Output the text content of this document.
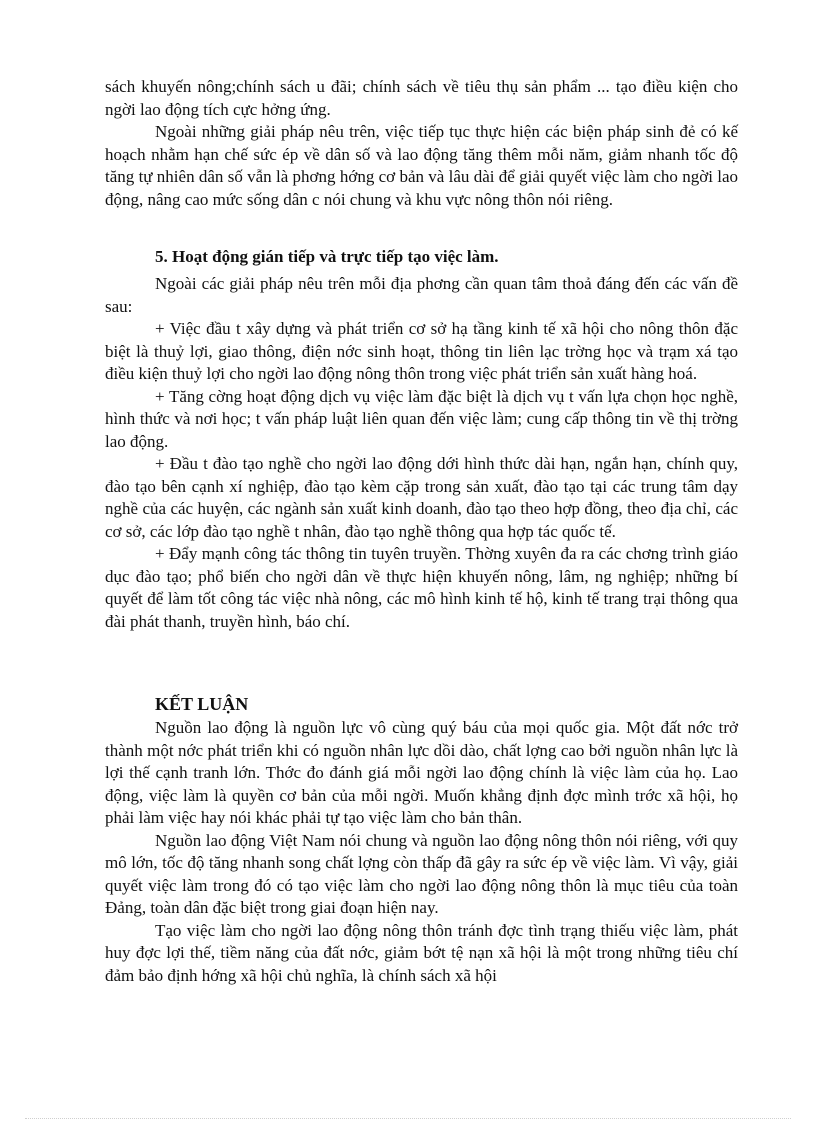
sách khuyến nông;chính sách u đãi; chính sách về tiêu thụ sản phẩm ... tạo điều kiện cho ngời lao động tích cực hởng ứng.

Ngoài những giải pháp nêu trên, việc tiếp tục thực hiện các biện pháp sinh đẻ có kế hoạch nhằm hạn chế sức ép về dân số và lao động tăng thêm mỗi năm, giảm nhanh tốc độ tăng tự nhiên dân số vẫn là phơng hớng cơ bản và lâu dài để giải quyết việc làm cho ngời lao động, nâng cao mức sống dân c nói chung và khu vực nông thôn nói riêng.

5. Hoạt động gián tiếp và trực tiếp tạo việc làm.

Ngoài các giải pháp nêu trên mỗi địa phơng cần quan tâm thoả đáng đến các vấn đề sau:

+ Việc đầu t xây dựng và phát triển cơ sở hạ tầng kinh tế xã hội cho nông thôn đặc biệt là thuỷ lợi, giao thông, điện nớc sinh hoạt, thông tin liên lạc trờng học và trạm xá tạo điều kiện thuỷ lợi cho ngời lao động nông thôn trong việc phát triển sản xuất hàng hoá.

+ Tăng cờng hoạt động dịch vụ việc làm đặc biệt là dịch vụ t vấn lựa chọn học nghề, hình thức và nơi học; t vấn pháp luật liên quan đến việc làm; cung cấp thông tin về thị trờng lao động.

+ Đầu t đào tạo nghề cho ngời lao động dới hình thức dài hạn, ngắn hạn, chính quy, đào tạo bên cạnh xí nghiệp, đào tạo kèm cặp trong sản xuất, đào tạo tại các trung tâm dạy nghề của các huyện, các ngành sản xuất kinh doanh, đào tạo theo hợp đồng, theo địa chỉ, các cơ sở, các lớp đào tạo nghề t nhân, đào tạo nghề thông qua hợp tác quốc tế.

+ Đẩy mạnh công tác thông tin tuyên truyền. Thờng xuyên đa ra các chơng trình giáo dục đào tạo; phổ biến cho ngời dân về thực hiện khuyến nông, lâm, ng nghiệp; những bí quyết để làm tốt công tác việc nhà nông, các mô hình kinh tế hộ, kinh tế trang trại thông qua đài phát thanh, truyền hình, báo chí.

KẾT LUẬN

Nguồn lao động là nguồn lực vô cùng quý báu của mọi quốc gia. Một đất nớc trở thành một nớc phát triển khi có nguồn nhân lực dồi dào, chất lợng cao bởi nguồn nhân lực là lợi thế cạnh tranh lớn. Thớc đo đánh giá mỗi ngời lao động chính là việc làm của họ. Lao động, việc làm là quyền cơ bản của mỗi ngời. Muốn khẳng định đợc mình trớc xã hội, họ phải làm việc hay nói khác phải tự tạo việc làm cho bản thân.

Nguồn lao động Việt Nam nói chung và nguồn lao động nông thôn nói riêng, với quy mô lớn, tốc độ tăng nhanh song chất lợng còn thấp đã gây ra sức ép về việc làm. Vì vậy, giải quyết việc làm trong đó có tạo việc làm cho ngời lao động nông thôn là mục tiêu của toàn Đảng, toàn dân đặc biệt trong giai đoạn hiện nay.

Tạo việc làm cho ngời lao động nông thôn tránh đợc tình trạng thiếu việc làm, phát huy đợc lợi thế, tiềm năng của đất nớc, giảm bớt tệ nạn xã hội là một trong những tiêu chí đảm bảo định hớng xã hội chủ nghĩa, là chính sách xã hội
